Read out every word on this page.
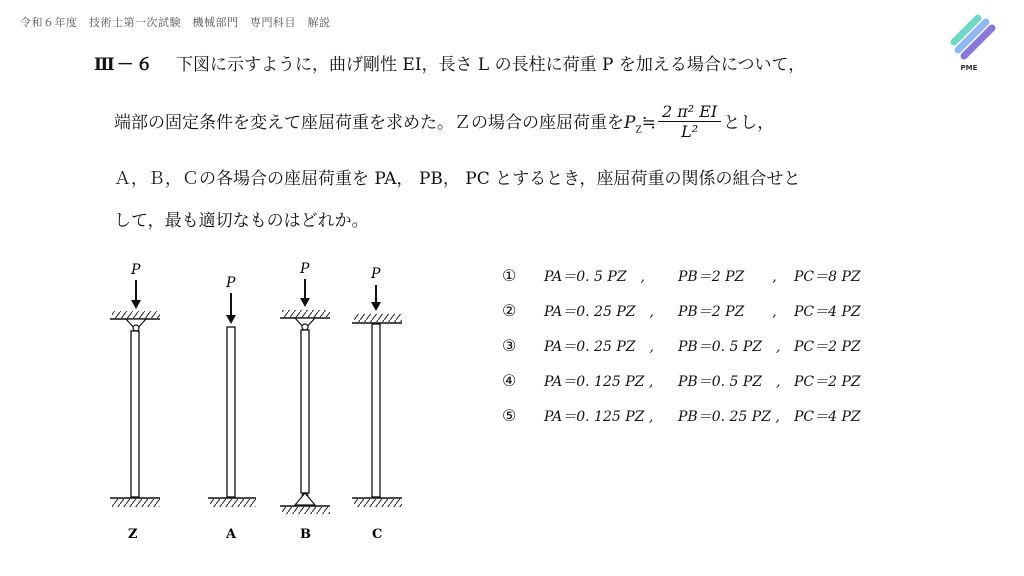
令和６年度　技術士第一次試験　機械部門　専門科目　解説
PME
Ⅲ－６ 下図に示すように，曲げ剛性 EI，長さ L の長柱に荷重 P を加える場合について，
端部の固定条件を変えて座屈荷重を求めた。Ｚの場合の座屈荷重を$P_Z≒ \frac{\text{2 π² EI}}{\text{L²}}$ とし，
Ａ，Ｂ，Ｃの各場合の座屈荷重を PA， PB， PC とするとき，座屈荷重の関係の組合せと
して，最も適切なものはどれか。
P
Z
P
A
P
B
P
C
① PA＝0. 5 PZ　, PB＝2 PZ　　, PC＝8 PZ
② PA＝0. 25 PZ　, PB＝2 PZ　　, PC＝4 PZ
③ PA＝0. 25 PZ　, PB＝0. 5 PZ　, PC＝2 PZ
④ PA＝0. 125 PZ , PB＝0. 5 PZ　, PC＝2 PZ
⑤ PA＝0. 125 PZ , PB＝0. 25 PZ , PC＝4 PZ
